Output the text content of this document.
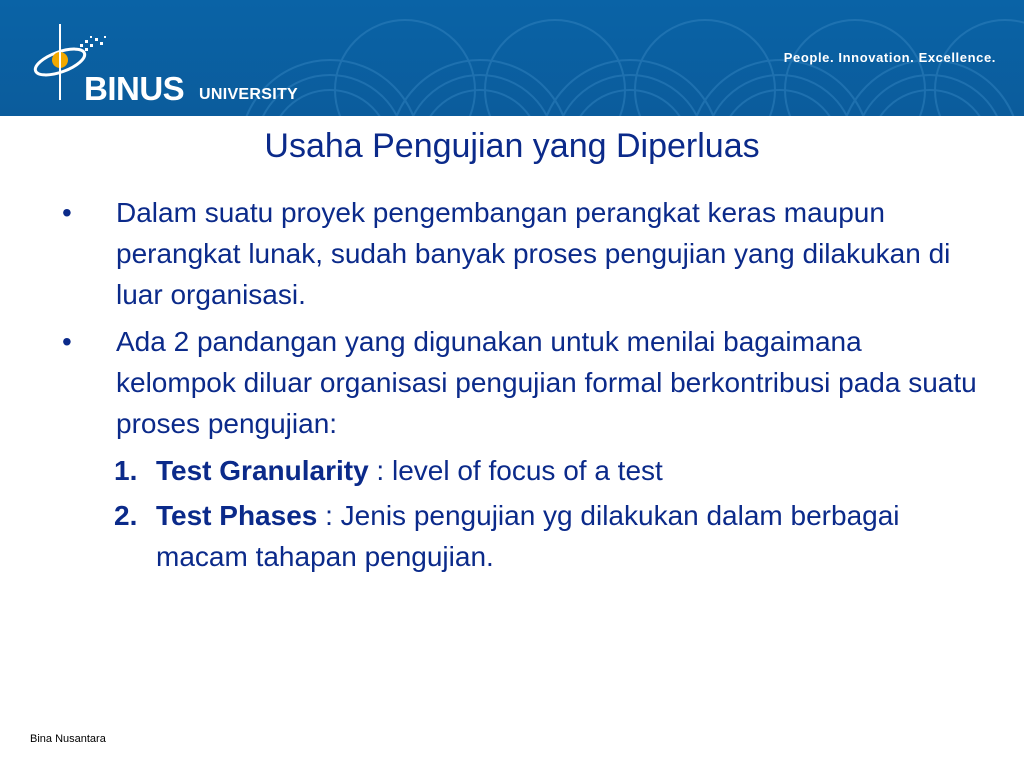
BINUS UNIVERSITY
People. Innovation. Excellence.
Usaha Pengujian yang Diperluas
•	Dalam suatu proyek pengembangan perangkat keras maupun perangkat lunak, sudah banyak proses pengujian yang dilakukan di luar organisasi.
•	Ada 2 pandangan yang digunakan untuk menilai bagaimana kelompok diluar organisasi pengujian formal berkontribusi pada suatu proses pengujian:
1. Test Granularity : level of focus of a test
2. Test Phases : Jenis pengujian yg dilakukan dalam berbagai macam tahapan pengujian.
Bina Nusantara
